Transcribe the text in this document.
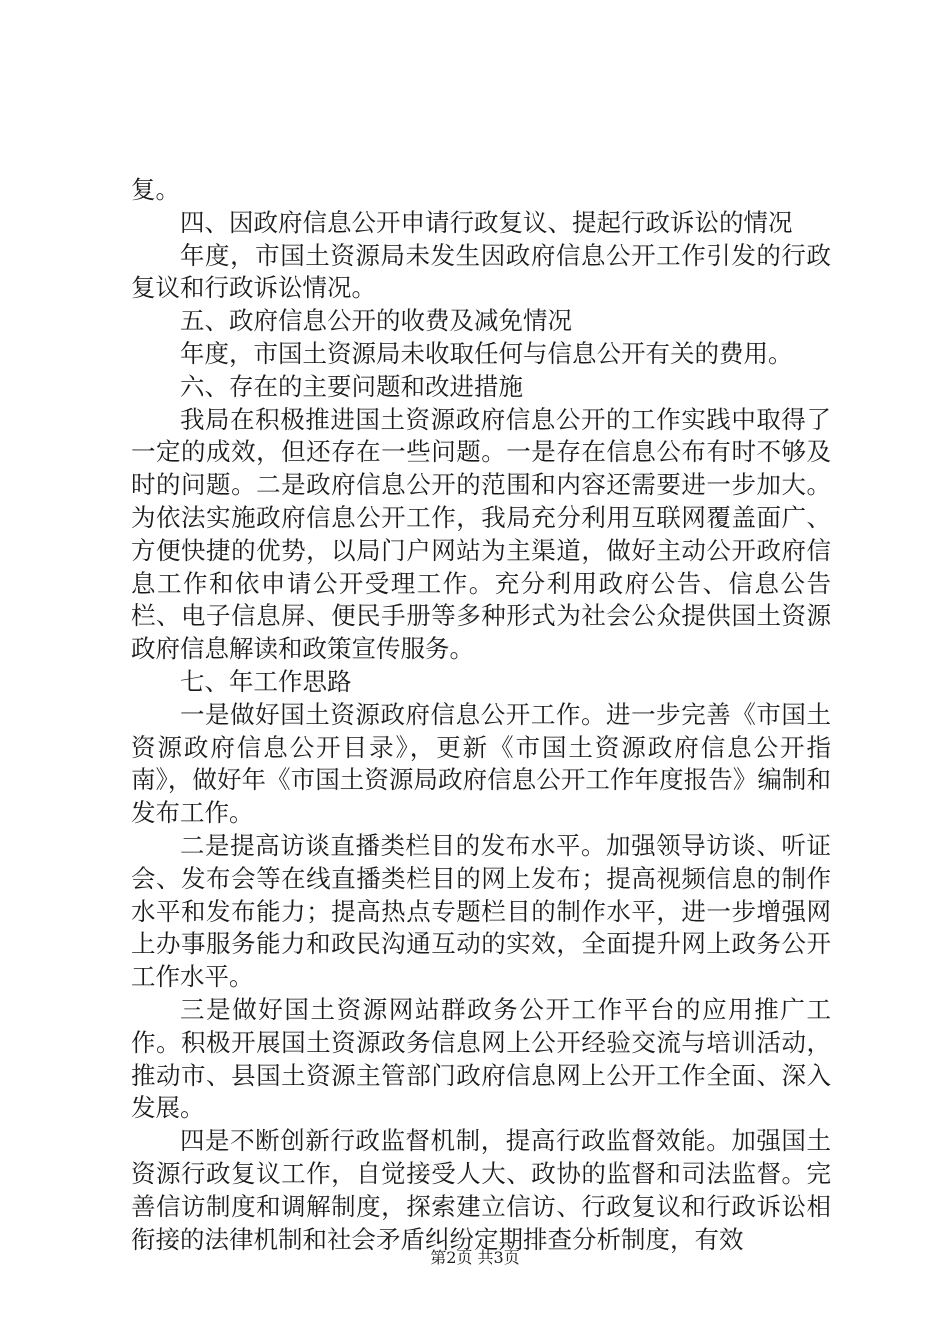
复。

四、因政府信息公开申请行政复议、提起行政诉讼的情况

年度，市国土资源局未发生因政府信息公开工作引发的行政复议和行政诉讼情况。

五、政府信息公开的收费及减免情况

年度，市国土资源局未收取任何与信息公开有关的费用。

六、存在的主要问题和改进措施

我局在积极推进国土资源政府信息公开的工作实践中取得了一定的成效，但还存在一些问题。一是存在信息公布有时不够及时的问题。二是政府信息公开的范围和内容还需要进一步加大。为依法实施政府信息公开工作，我局充分利用互联网覆盖面广、方便快捷的优势，以局门户网站为主渠道，做好主动公开政府信息工作和依申请公开受理工作。充分利用政府公告、信息公告栏、电子信息屏、便民手册等多种形式为社会公众提供国土资源政府信息解读和政策宣传服务。

七、年工作思路

一是做好国土资源政府信息公开工作。进一步完善《市国土资源政府信息公开目录》，更新《市国土资源政府信息公开指南》，做好年《市国土资源局政府信息公开工作年度报告》编制和发布工作。

二是提高访谈直播类栏目的发布水平。加强领导访谈、听证会、发布会等在线直播类栏目的网上发布；提高视频信息的制作水平和发布能力；提高热点专题栏目的制作水平，进一步增强网上办事服务能力和政民沟通互动的实效，全面提升网上政务公开工作水平。

三是做好国土资源网站群政务公开工作平台的应用推广工作。积极开展国土资源政务信息网上公开经验交流与培训活动，推动市、县国土资源主管部门政府信息网上公开工作全面、深入发展。

四是不断创新行政监督机制，提高行政监督效能。加强国土资源行政复议工作，自觉接受人大、政协的监督和司法监督。完善信访制度和调解制度，探索建立信访、行政复议和行政诉讼相衔接的法律机制和社会矛盾纠纷定期排查分析制度，有效

第2页 共3页
